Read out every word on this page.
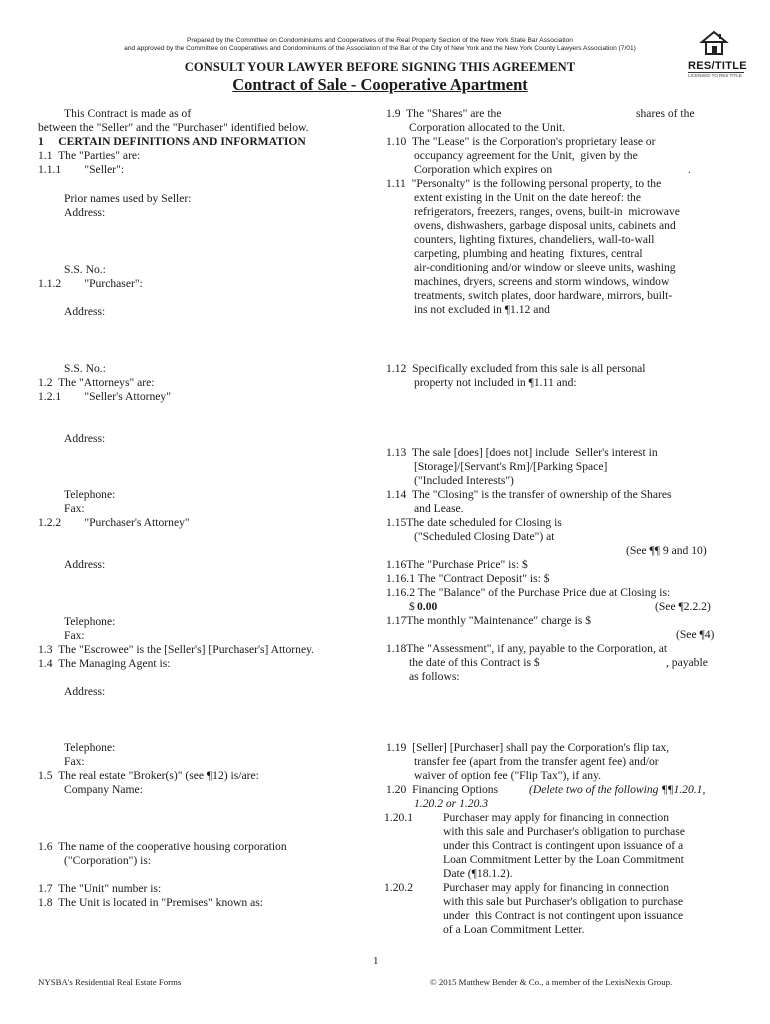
Prepared by the Committee on Condominiums and Cooperatives of the Real Property Section of the New York State Bar Association
and approved by the Committee on Cooperatives and Condominiums of the Association of the Bar of the City of New York and the New York County Lawyers Association (7/01)
RES/TITLE
LICENSED TO RES TITLE
CONSULT YOUR LAWYER BEFORE SIGNING THIS AGREEMENT
Contract of Sale - Cooperative Apartment
This Contract is made as of
between the "Seller" and the "Purchaser" identified below.
1     CERTAIN DEFINITIONS AND INFORMATION
1.1  The "Parties" are:
1.1.1        "Seller":
Prior names used by Seller:
Address:
S.S. No.:
1.1.2        "Purchaser":
Address:
S.S. No.:
1.2  The "Attorneys" are:
1.2.1        "Seller's Attorney"
Address:
Telephone:
Fax:
1.2.2        "Purchaser's Attorney"
Address:
Telephone:
Fax:
1.3  The "Escrowee" is the [Seller's] [Purchaser's] Attorney.
1.4  The Managing Agent is:
Address:
Telephone:
Fax:
1.5  The real estate "Broker(s)" (see ¶12) is/are:
Company Name:
1.6  The name of the cooperative housing corporation
("Corporation") is:
1.7  The "Unit" number is:
1.8  The Unit is located in "Premises" known as:
1.9  The "Shares" are the	shares of the
Corporation allocated to the Unit.
1.10  The "Lease" is the Corporation's proprietary lease or
occupancy agreement for the Unit,  given by the
Corporation which expires on	.
1.11  "Personalty" is the following personal property, to the
extent existing in the Unit on the date hereof: the
refrigerators, freezers, ranges, ovens, built-in  microwave
ovens, dishwashers, garbage disposal units, cabinets and
counters, lighting fixtures, chandeliers, wall-to-wall
carpeting, plumbing and heating  fixtures, central
air-conditioning and/or window or sleeve units, washing
machines, dryers, screens and storm windows, window
treatments, switch plates, door hardware, mirrors, built-
ins not excluded in ¶1.12 and
1.12  Specifically excluded from this sale is all personal
property not included in ¶1.11 and:
1.13  The sale [does] [does not] include  Seller's interest in
[Storage]/[Servant's Rm]/[Parking Space]
("Included Interests")
1.14  The "Closing" is the transfer of ownership of the Shares
and Lease.
1.15The date scheduled for Closing is
("Scheduled Closing Date") at
(See ¶¶ 9 and 10)
1.16The "Purchase Price" is: $
1.16.1 The "Contract Deposit" is: $
1.16.2 The "Balance" of the Purchase Price due at Closing is:
$ 0.00	(See ¶2.2.2)
1.17The monthly "Maintenance" charge is $
(See ¶4)
1.18The "Assessment", if any, payable to the Corporation, at
the date of this Contract is $	, payable
as follows:
1.19  [Seller] [Purchaser] shall pay the Corporation's flip tax,
transfer fee (apart from the transfer agent fee) and/or
waiver of option fee ("Flip Tax"), if any.
1.20  Financing Options	(Delete two of the following ¶¶1.20.1,
1.20.2 or 1.20.3
1.20.1	Purchaser may apply for financing in connection
with this sale and Purchaser's obligation to purchase
under this Contract is contingent upon issuance of a
Loan Commitment Letter by the Loan Commitment
Date (¶18.1.2).
1.20.2	Purchaser may apply for financing in connection
with this sale but Purchaser's obligation to purchase
under  this Contract is not contingent upon issuance
of a Loan Commitment Letter.
1
NYSBA's Residential Real Estate Forms	© 2015 Matthew Bender & Co., a member of the LexisNexis Group.
